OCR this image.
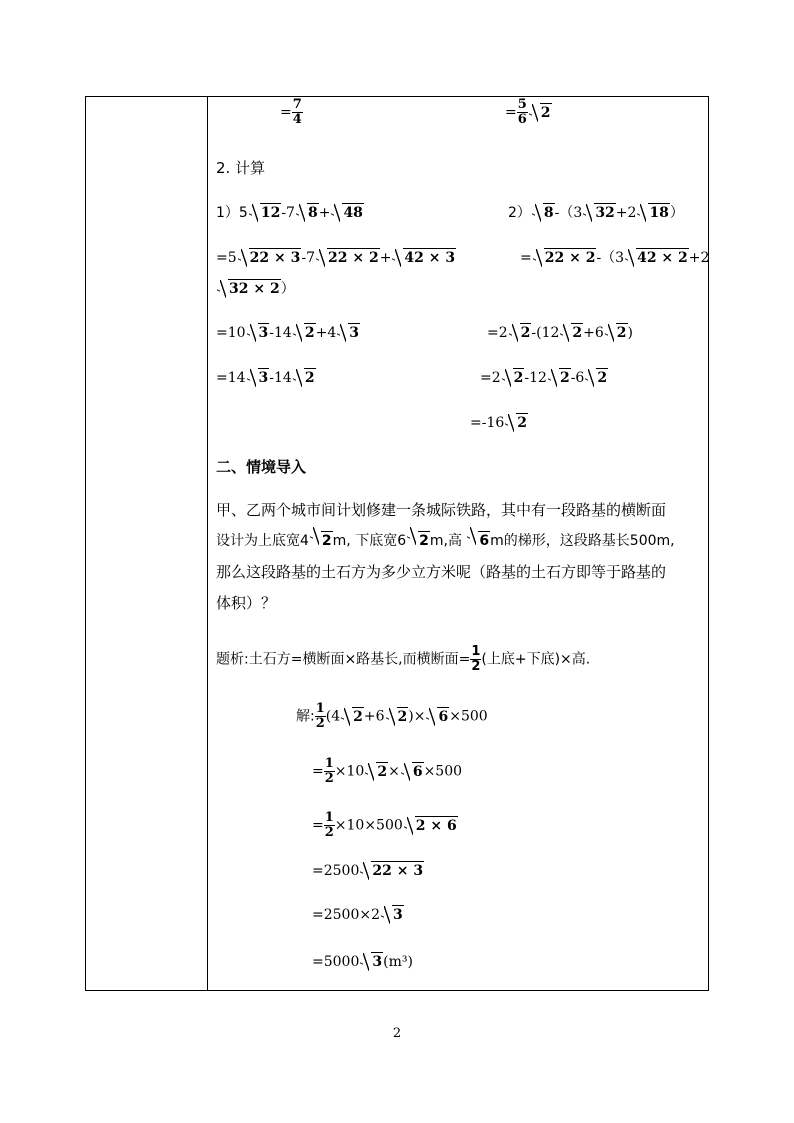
= $\frac{7}{4}$	= $\frac{5}{6} 2$
2. 计算
1）5 12-7 8+ 48
=5 22 × 3-7 22 × 2+ 42 × 3
=10 3-14 2+4 3
=14 3-14 2
2） 8-（3 32+2 18）
= 22 × 2-（3 42 × 2+2
32 × 2）
=2 2-(12 2+6 2)
=2 2-12 2-6 2
=-16 2
二、情境导入
甲、乙两个城市间计划修建一条城际铁路，其中有一段路基的横断面
设计为上底宽4 2m, 下底宽6 2m,高 6m的梯形，这段路基长500m,
那么这段路基的土石方为多少立方米呢（路基的土石方即等于路基的
体积）？
题析:土石方=横断面×路基长,而横断面= $\frac{1}{2}$ (上底+下底)×高.
解: $\frac{1}{2} (4$ 2+6 2)× 6×500
= $\frac{1}{2} \times 10$ 2× 6×500
= $\frac{1}{2} \times 10\times 500$ 2 × 6
=2500 22 × 3
=2500×2 3
=5000 3(m³)
2
